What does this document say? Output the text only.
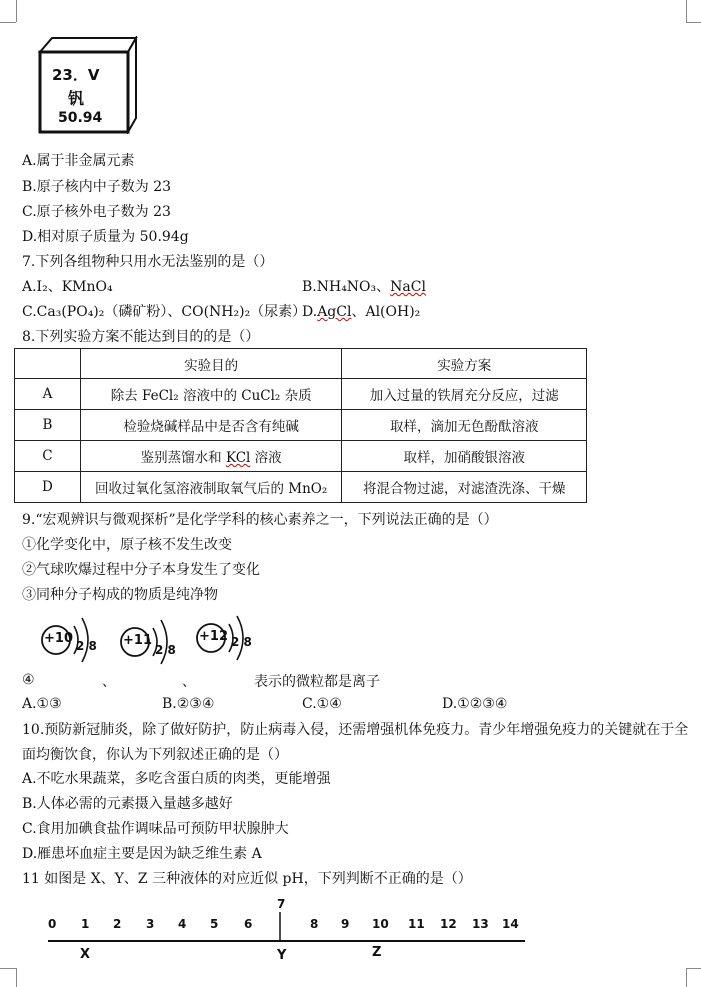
23．V
钒
50.94
A.属于非金属元素
B.原子核内中子数为 23
C.原子核外电子数为 23
D.相对原子质量为 50.94g
7.下列各组物种只用水无法鉴别的是（）
A.I₂、KMnO₄	B.NH₄NO₃、NaCl
C.Ca₃(PO₄)₂（磷矿粉）、CO(NH₂)₂（尿素）
D.AgCl、Al(OH)₂
8.下列实验方案不能达到目的的是（）
	实验目的	实验方案
A	除去 FeCl₂ 溶液中的 CuCl₂ 杂质	加入过量的铁屑充分反应，过滤
B	检验烧碱样品中是否含有纯碱	取样，滴加无色酚酞溶液
C	鉴别蒸馏水和 KCl 溶液	取样，加硝酸银溶液
D	回收过氧化氢溶液制取氧气后的 MnO₂	将混合物过滤，对滤渣洗涤、干燥
9.“宏观辨识与微观探析”是化学学科的核心素养之一，下列说法正确的是（）
①化学变化中，原子核不发生改变
②气球吹爆过程中分子本身发生了变化
③同种分子构成的物质是纯净物
+10 2 8 +11
2 8
+12 2 8
④	、	、	表示的微粒都是离子
A.①③	B.②③④	C.①④	D.①②③④
10.预防新冠肺炎，除了做好防护，防止病毒入侵，还需增强机体免疫力。青少年增强免疫力的关键就在于全
面均衡饮食，你认为下列叙述正确的是（）
A.不吃水果蔬菜，多吃含蛋白质的肉类，更能增强
B.人体必需的元素摄入量越多越好
C.食用加碘食盐作调味品可预防甲状腺肿大
D.雁患坏血症主要是因为缺乏维生素 A
11 如图是 X、Y、Z 三种液体的对应近似 pH，下列判断不正确的是（）
0 1 2 3 4 5 6
7
8 9 10 11 12 13 14
X	Y	Z
